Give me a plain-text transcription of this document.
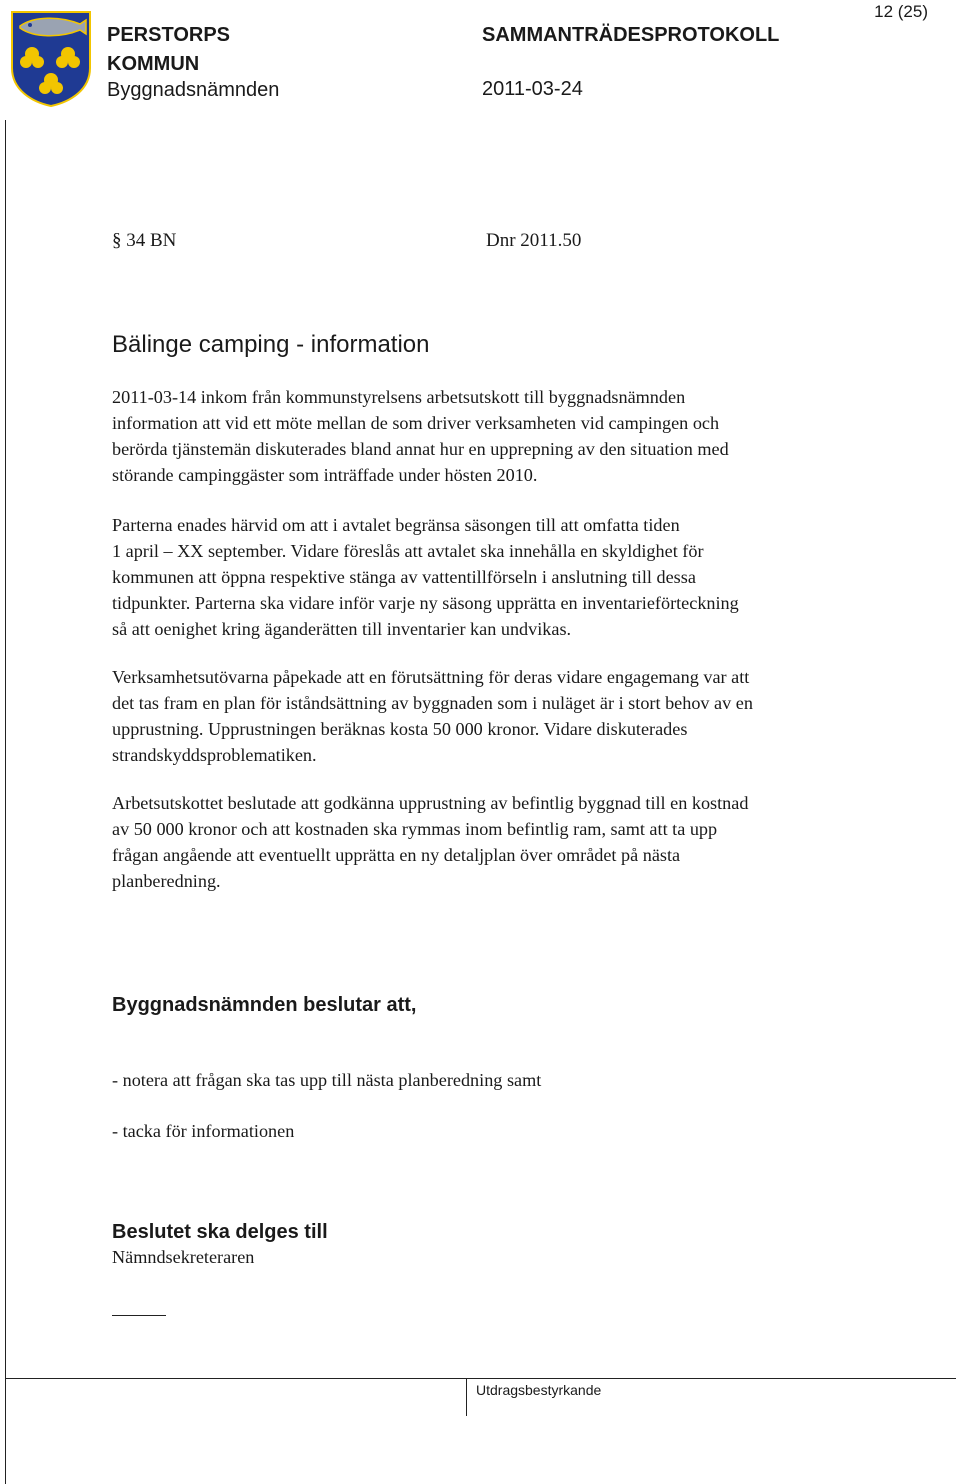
12 (25)
PERSTORPS
KOMMUN
Byggnadsnämnden
SAMMANTRÄDESPROTOKOLL
2011-03-24
§ 34 BN	Dnr 2011.50
Bälinge camping - information
2011-03-14 inkom från kommunstyrelsens arbetsutskott till byggnadsnämnden
information att vid ett möte mellan de som driver verksamheten vid campingen och
berörda tjänstemän diskuterades bland annat hur en upprepning av den situation med
störande campinggäster som inträffade under hösten 2010.
Parterna enades härvid om att i avtalet begränsa säsongen till att omfatta tiden
1 april – XX september. Vidare föreslås att avtalet ska innehålla en skyldighet för
kommunen att öppna respektive stänga av vattentillförseln i anslutning till dessa
tidpunkter. Parterna ska vidare inför varje ny säsong upprätta en inventarieförteckning
så att oenighet kring äganderätten till inventarier kan undvikas.
Verksamhetsutövarna påpekade att en förutsättning för deras vidare engagemang var att
det tas fram en plan för iståndsättning av byggnaden som i nuläget är i stort behov av en
upprustning. Upprustningen beräknas kosta 50 000 kronor. Vidare diskuterades
strandskyddsproblematiken.
Arbetsutskottet beslutade att godkänna upprustning av befintlig byggnad till en kostnad
av 50 000 kronor och att kostnaden ska rymmas inom befintlig ram, samt att ta upp
frågan angående att eventuellt upprätta en ny detaljplan över området på nästa
planberedning.
Byggnadsnämnden beslutar att,
- notera att frågan ska tas upp till nästa planberedning samt
- tacka för informationen
Beslutet ska delges till
Nämndsekreteraren
Utdragsbestyrkande
